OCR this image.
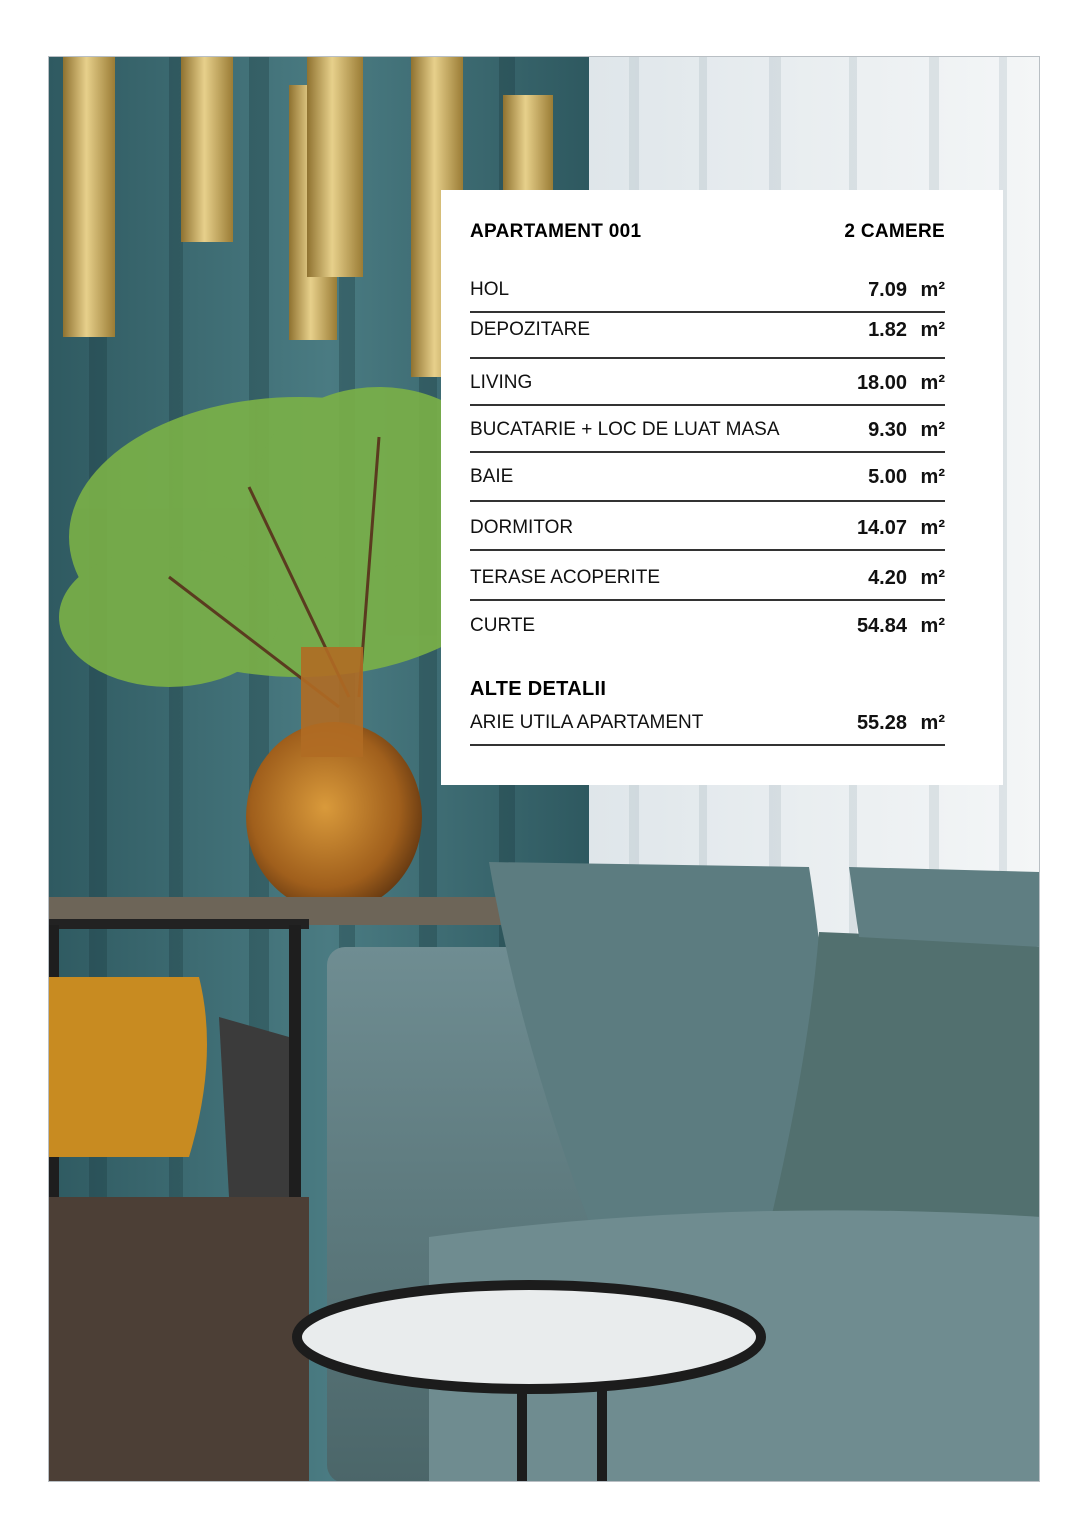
APARTAMENT 001	2 CAMERE
HOL	7.09 m²
DEPOZITARE	1.82 m²
LIVING	18.00 m²
BUCATARIE + LOC DE LUAT MASA	9.30 m²
BAIE	5.00 m²
DORMITOR	14.07 m²
TERASE ACOPERITE	4.20 m²
CURTE	54.84 m²
ALTE DETALII
ARIE UTILA APARTAMENT	55.28 m²
